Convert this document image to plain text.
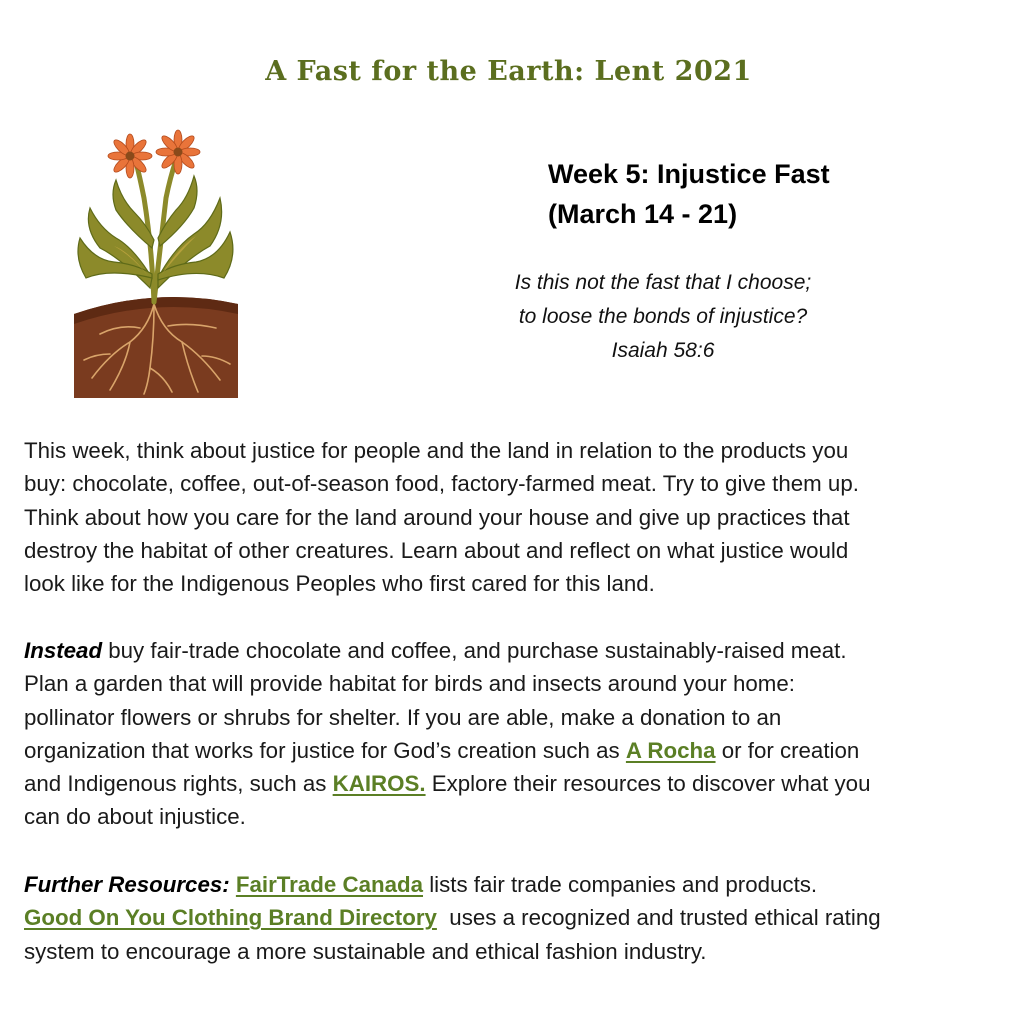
A Fast for the Earth: Lent 2021
Week 5: Injustice Fast
(March 14 - 21)
Is this not the fast that I choose;
to loose the bonds of injustice?
Isaiah 58:6
This week, think about justice for people and the land in relation to the products you
buy: chocolate, coffee, out-of-season food, factory-farmed meat. Try to give them up.
Think about how you care for the land around your house and give up practices that
destroy the habitat of other creatures. Learn about and reflect on what justice would
look like for the Indigenous Peoples who first cared for this land.
Instead buy fair-trade chocolate and coffee, and purchase sustainably-raised meat.
Plan a garden that will provide habitat for birds and insects around your home:
pollinator flowers or shrubs for shelter. If you are able, make a donation to an
organization that works for justice for God’s creation such as A Rocha or for creation
and Indigenous rights, such as KAIROS. Explore their resources to discover what you
can do about injustice.
Further Resources: FairTrade Canada lists fair trade companies and products.
Good On You Clothing Brand Directory  uses a recognized and trusted ethical rating
system to encourage a more sustainable and ethical fashion industry.
